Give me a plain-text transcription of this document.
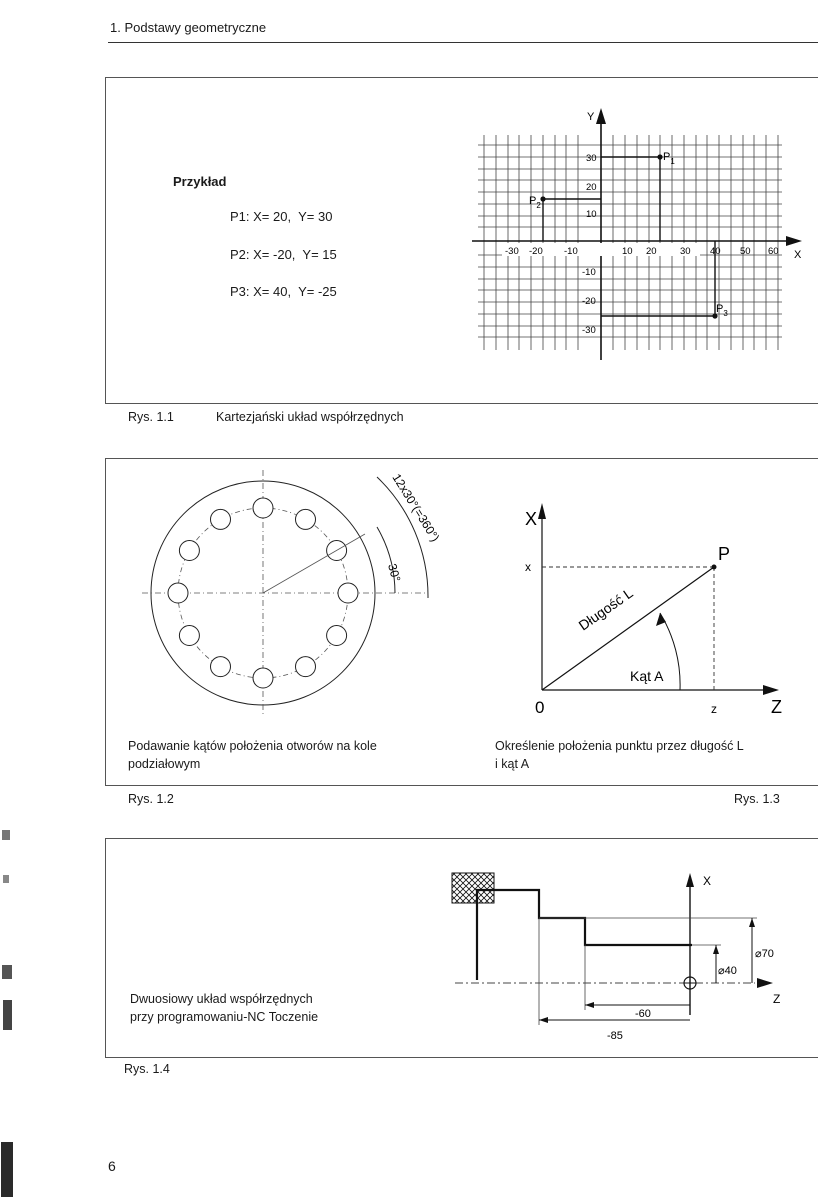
1. Podstawy geometryczne
Przykład
P1: X= 20, Y= 30
P2: X= -20, Y= 15
P3: X= 40, Y= -25
X
Y
-30 -20 -10	10 20 30 40 50 60
30
20
10
-10
-20
-30
$P_1$
$P_2$
$P_3$
Rys. 1.1	Kartezjański układ współrzędnych
30°
12x30°(=360°)	X
x
P
0	z	Z
Długość L
Kąt A
Podawanie kątów położenia otworów na kole
podziałowym
Określenie położenia punktu przez długość L
i kąt A
Rys. 1.2	Rys. 1.3
X
Z
⌀70
⌀40
-60
-85
Dwuosiowy układ współrzędnych
przy programowaniu-NC Toczenie
Rys. 1.4
6
